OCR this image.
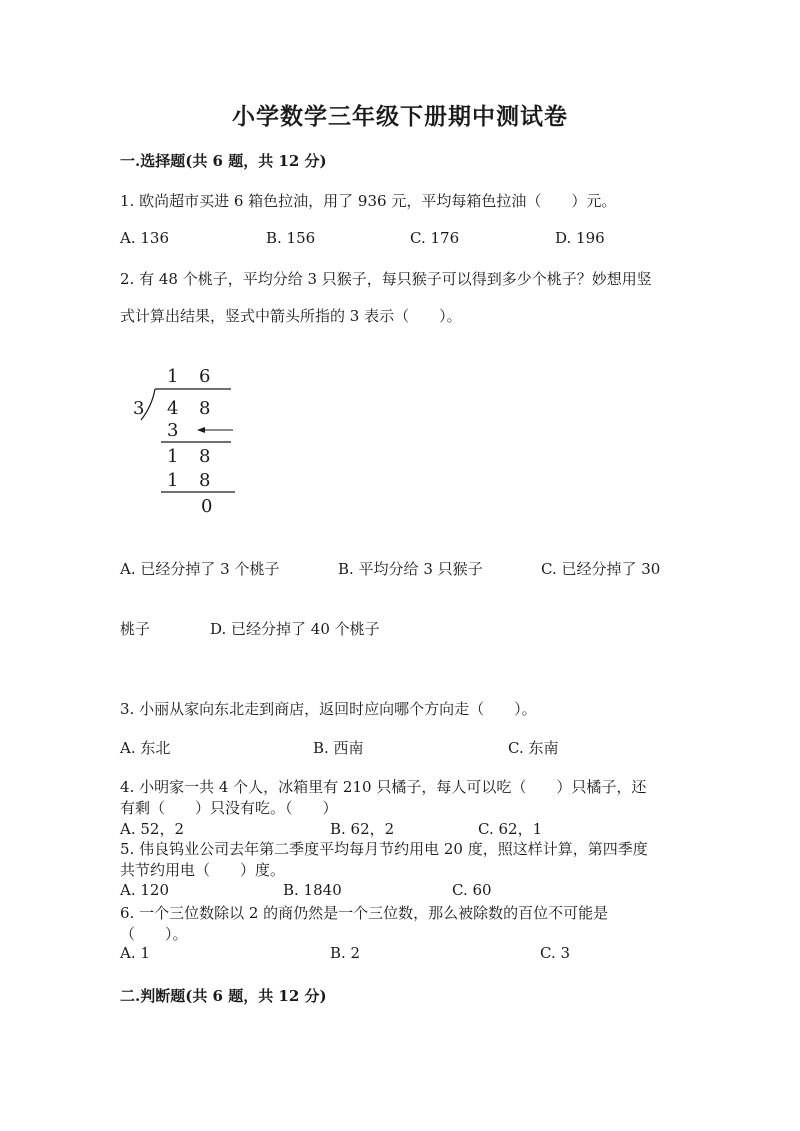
小学数学三年级下册期中测试卷
一.选择题(共 6 题，共 12 分)
1. 欧尚超市买进 6 箱色拉油，用了 936 元，平均每箱色拉油（　　）元。
A. 136	B. 156	C. 176	D. 196
2. 有 48 个桃子，平均分给 3 只猴子，每只猴子可以得到多少个桃子？妙想用竖
式计算出结果，竖式中箭头所指的 3 表示（　　）。
1 6
3 4 8
3
1 8
1 8
0
A. 已经分掉了 3 个桃子	B. 平均分给 3 只猴子	C. 已经分掉了 30
桃子	D. 已经分掉了 40 个桃子
3. 小丽从家向东北走到商店，返回时应向哪个方向走（　　）。
A. 东北	B. 西南	C. 东南
4. 小明家一共 4 个人，冰箱里有 210 只橘子，每人可以吃（　　）只橘子，还
有剩（　　）只没有吃。（　　）
A. 52，2	B. 62，2	C. 62，1
5. 伟良钨业公司去年第二季度平均每月节约用电 20 度，照这样计算，第四季度
共节约用电（　　）度。
A. 120	B. 1840	C. 60
6. 一个三位数除以 2 的商仍然是一个三位数，那么被除数的百位不可能是
（　　）。
A. 1	B. 2	C. 3
二.判断题(共 6 题，共 12 分)
